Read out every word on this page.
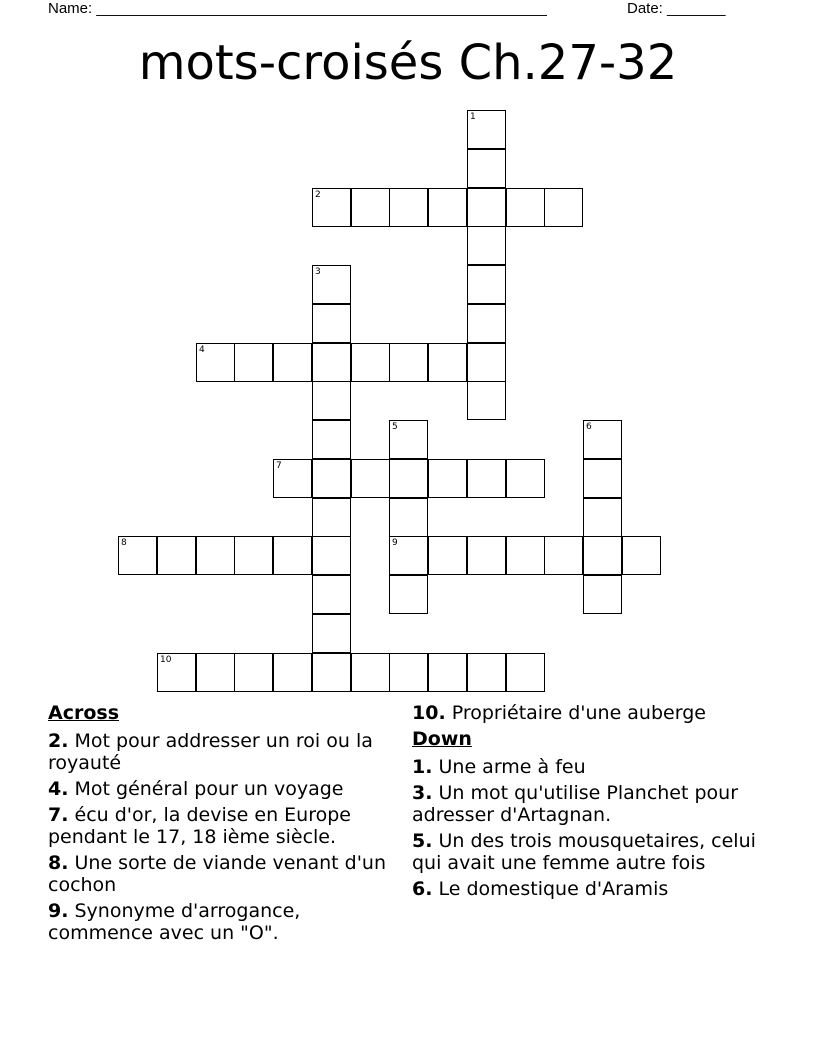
Name: ______________________________________________________	Date: _______
mots-croisés Ch.27-32
1
2
3
4
5
9
6
7
8
10
Across
2. Mot pour addresser un roi ou la royauté
4. Mot général pour un voyage
7. écu d'or, la devise en Europe pendant le 17, 18 ième siècle.
8. Une sorte de viande venant d'un cochon
9. Synonyme d'arrogance, commence avec un "O".
10. Propriétaire d'une auberge
Down
1. Une arme à feu
3. Un mot qu'utilise Planchet pour adresser d'Artagnan.
5. Un des trois mousquetaires, celui qui avait une femme autre fois
6. Le domestique d'Aramis
